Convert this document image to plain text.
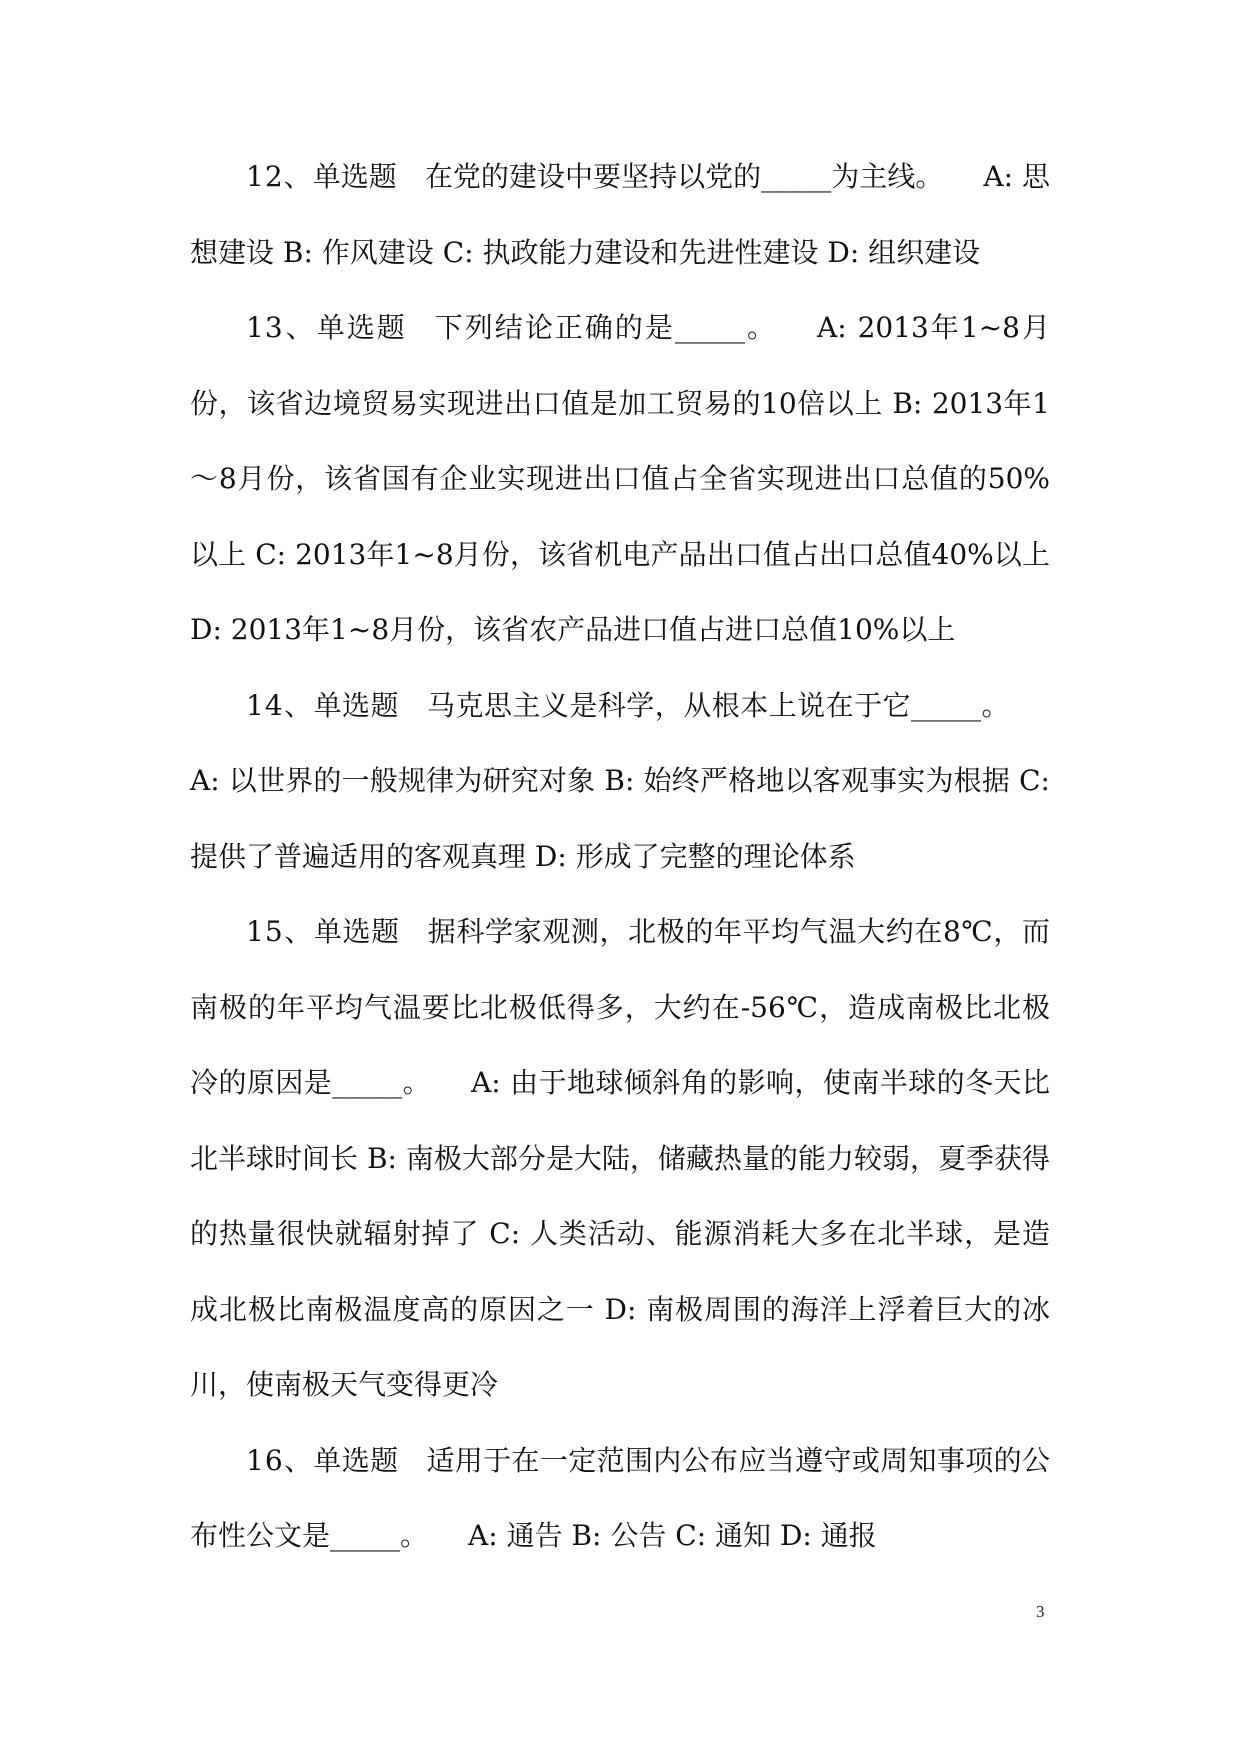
12、单选题 在党的建设中要坚持以党的_____为主线。 A: 思想建设 B: 作风建设 C: 执政能力建设和先进性建设 D: 组织建设

13、单选题 下列结论正确的是_____。 A: 2013年1~8月份，该省边境贸易实现进出口值是加工贸易的10倍以上 B: 2013年1～8月份，该省国有企业实现进出口值占全省实现进出口总值的50%以上 C: 2013年1~8月份，该省机电产品出口值占出口总值40%以上 D: 2013年1~8月份，该省农产品进口值占进口总值10%以上

14、单选题 马克思主义是科学，从根本上说在于它_____。A: 以世界的一般规律为研究对象 B: 始终严格地以客观事实为根据 C: 提供了普遍适用的客观真理 D: 形成了完整的理论体系

15、单选题 据科学家观测，北极的年平均气温大约在8℃，而南极的年平均气温要比北极低得多，大约在-56℃，造成南极比北极冷的原因是_____。 A: 由于地球倾斜角的影响，使南半球的冬天比北半球时间长 B: 南极大部分是大陆，储藏热量的能力较弱，夏季获得的热量很快就辐射掉了 C: 人类活动、能源消耗大多在北半球，是造成北极比南极温度高的原因之一 D: 南极周围的海洋上浮着巨大的冰川，使南极天气变得更冷

16、单选题 适用于在一定范围内公布应当遵守或周知事项的公布性公文是_____。 A: 通告 B: 公告 C: 通知 D: 通报

3
